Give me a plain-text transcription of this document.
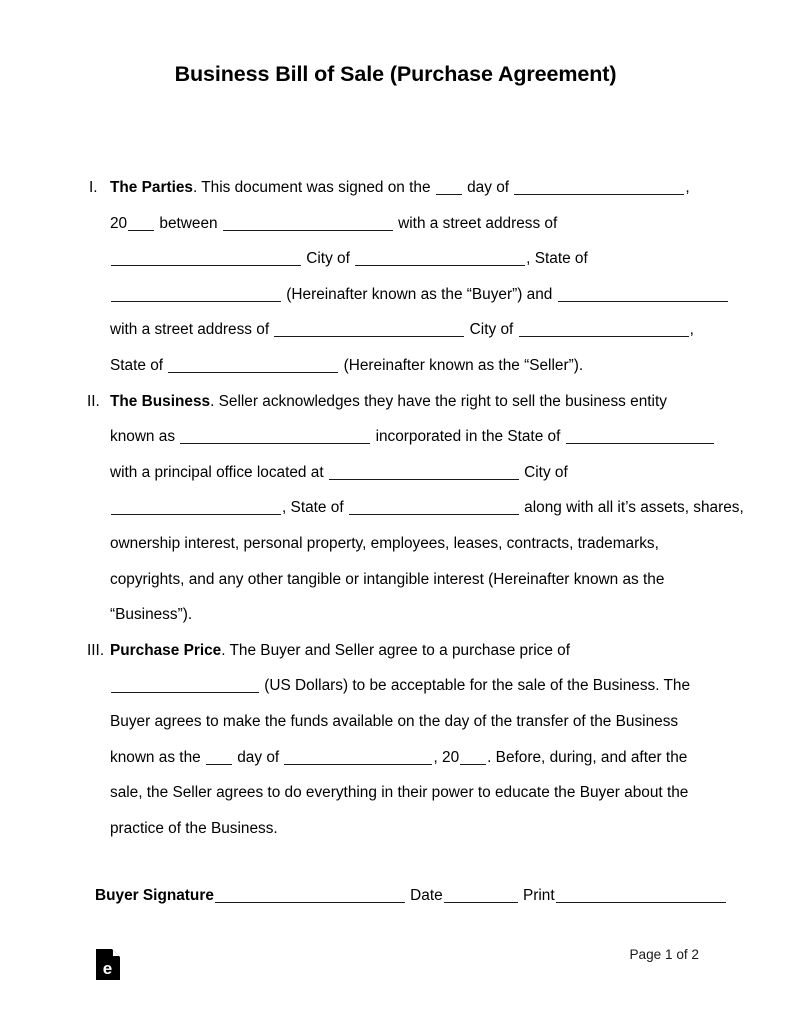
Business Bill of Sale (Purchase Agreement)
I. The Parties. This document was signed on the  day of	,
20 between	with a street address of
City of	, State of
(Hereinafter known as the “Buyer”) and
with a street address of	City of	,
State of	(Hereinafter known as the “Seller”).
II. The Business. Seller acknowledges they have the right to sell the business entity
known as	incorporated in the State of
with a principal office located at	City of
, State of	along with all it’s assets, shares,
ownership interest, personal property, employees, leases, contracts, trademarks,
copyrights, and any other tangible or intangible interest (Hereinafter known as the
“Business”).
III. Purchase Price. The Buyer and Seller agree to a purchase price of
(US Dollars) to be acceptable for the sale of the Business. The
Buyer agrees to make the funds available on the day of the transfer of the Business
known as the  day of	, 20 . Before, during, and after the
sale, the Seller agrees to do everything in their power to educate the Buyer about the
practice of the Business.
Buyer Signature	Date	Print
e
Page 1 of 2
